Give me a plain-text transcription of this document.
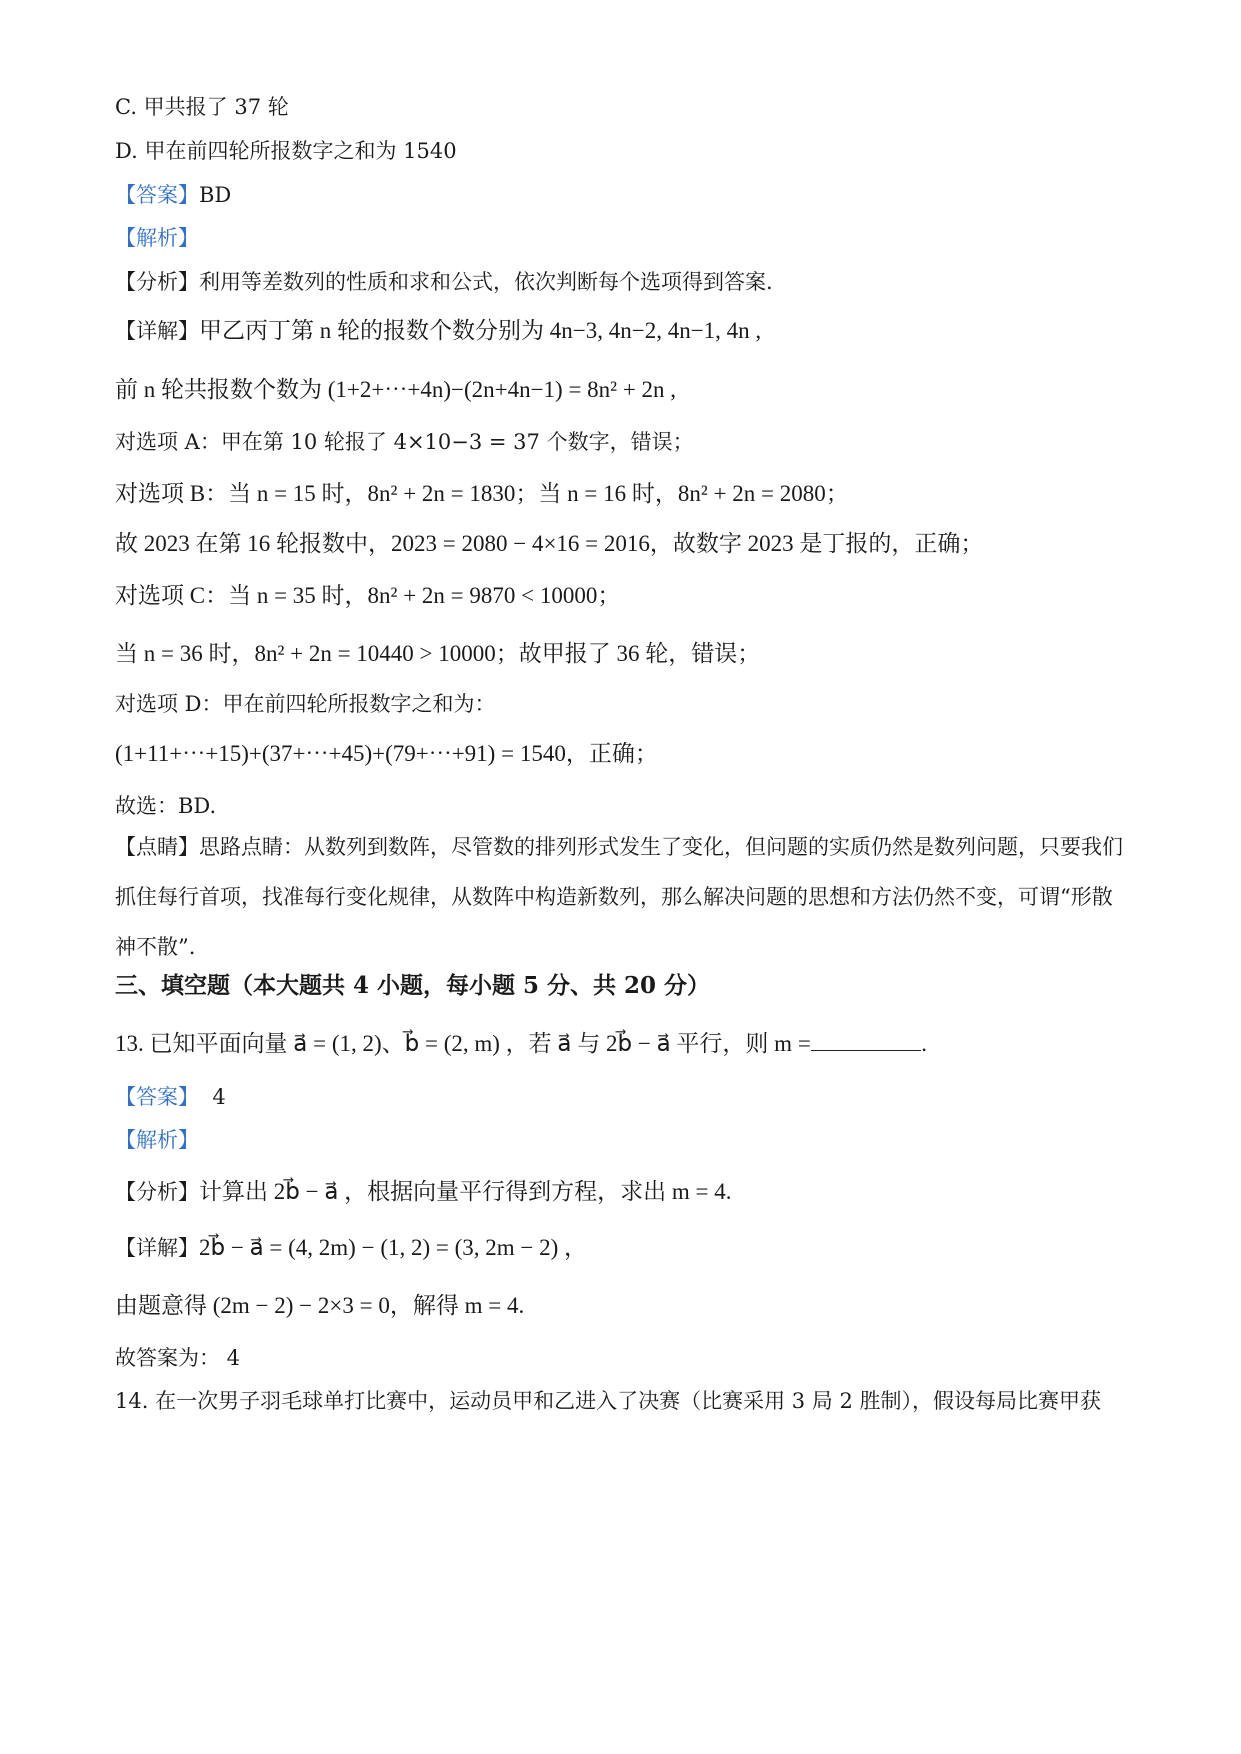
C. 甲共报了 37 轮
D. 甲在前四轮所报数字之和为 1540
【答案】BD
【解析】
【分析】利用等差数列的性质和求和公式，依次判断每个选项得到答案.
【详解】甲乙丙丁第 n 轮的报数个数分别为 4n−3, 4n−2, 4n−1, 4n ,
前 n 轮共报数个数为 (1+2+⋯+4n)−(2n+4n−1) = 8n² + 2n ,
对选项 A：甲在第 10 轮报了 4×10−3 = 37 个数字，错误；
对选项 B：当 n = 15 时，8n² + 2n = 1830；当 n = 16 时，8n² + 2n = 2080；
故 2023 在第 16 轮报数中，2023 = 2080 − 4×16 = 2016，故数字 2023 是丁报的，正确；
对选项 C：当 n = 35 时，8n² + 2n = 9870 < 10000；
当 n = 36 时，8n² + 2n = 10440 > 10000；故甲报了 36 轮，错误；
对选项 D：甲在前四轮所报数字之和为：
(1+11+⋯+15)+(37+⋯+45)+(79+⋯+91) = 1540，正确；
故选：BD.
【点睛】思路点睛：从数列到数阵，尽管数的排列形式发生了变化，但问题的实质仍然是数列问题，只要我们抓住每行首项，找准每行变化规律，从数阵中构造新数列，那么解决问题的思想和方法仍然不变，可谓“形散神不散”.
三、填空题（本大题共 4 小题，每小题 5 分、共 20 分）
13. 已知平面向量 a⃗ = (1, 2)、b⃗ = (2, m) ，若 a⃗ 与 2b⃗ − a⃗ 平行，则 m =	.
【答案】 4
【解析】
【分析】计算出 2b⃗ − a⃗ ，根据向量平行得到方程，求出 m = 4.
【详解】2b⃗ − a⃗ = (4, 2m) − (1, 2) = (3, 2m − 2) ，
由题意得 (2m − 2) − 2×3 = 0，解得 m = 4.
故答案为： 4
14. 在一次男子羽毛球单打比赛中，运动员甲和乙进入了决赛（比赛采用 3 局 2 胜制），假设每局比赛甲获
